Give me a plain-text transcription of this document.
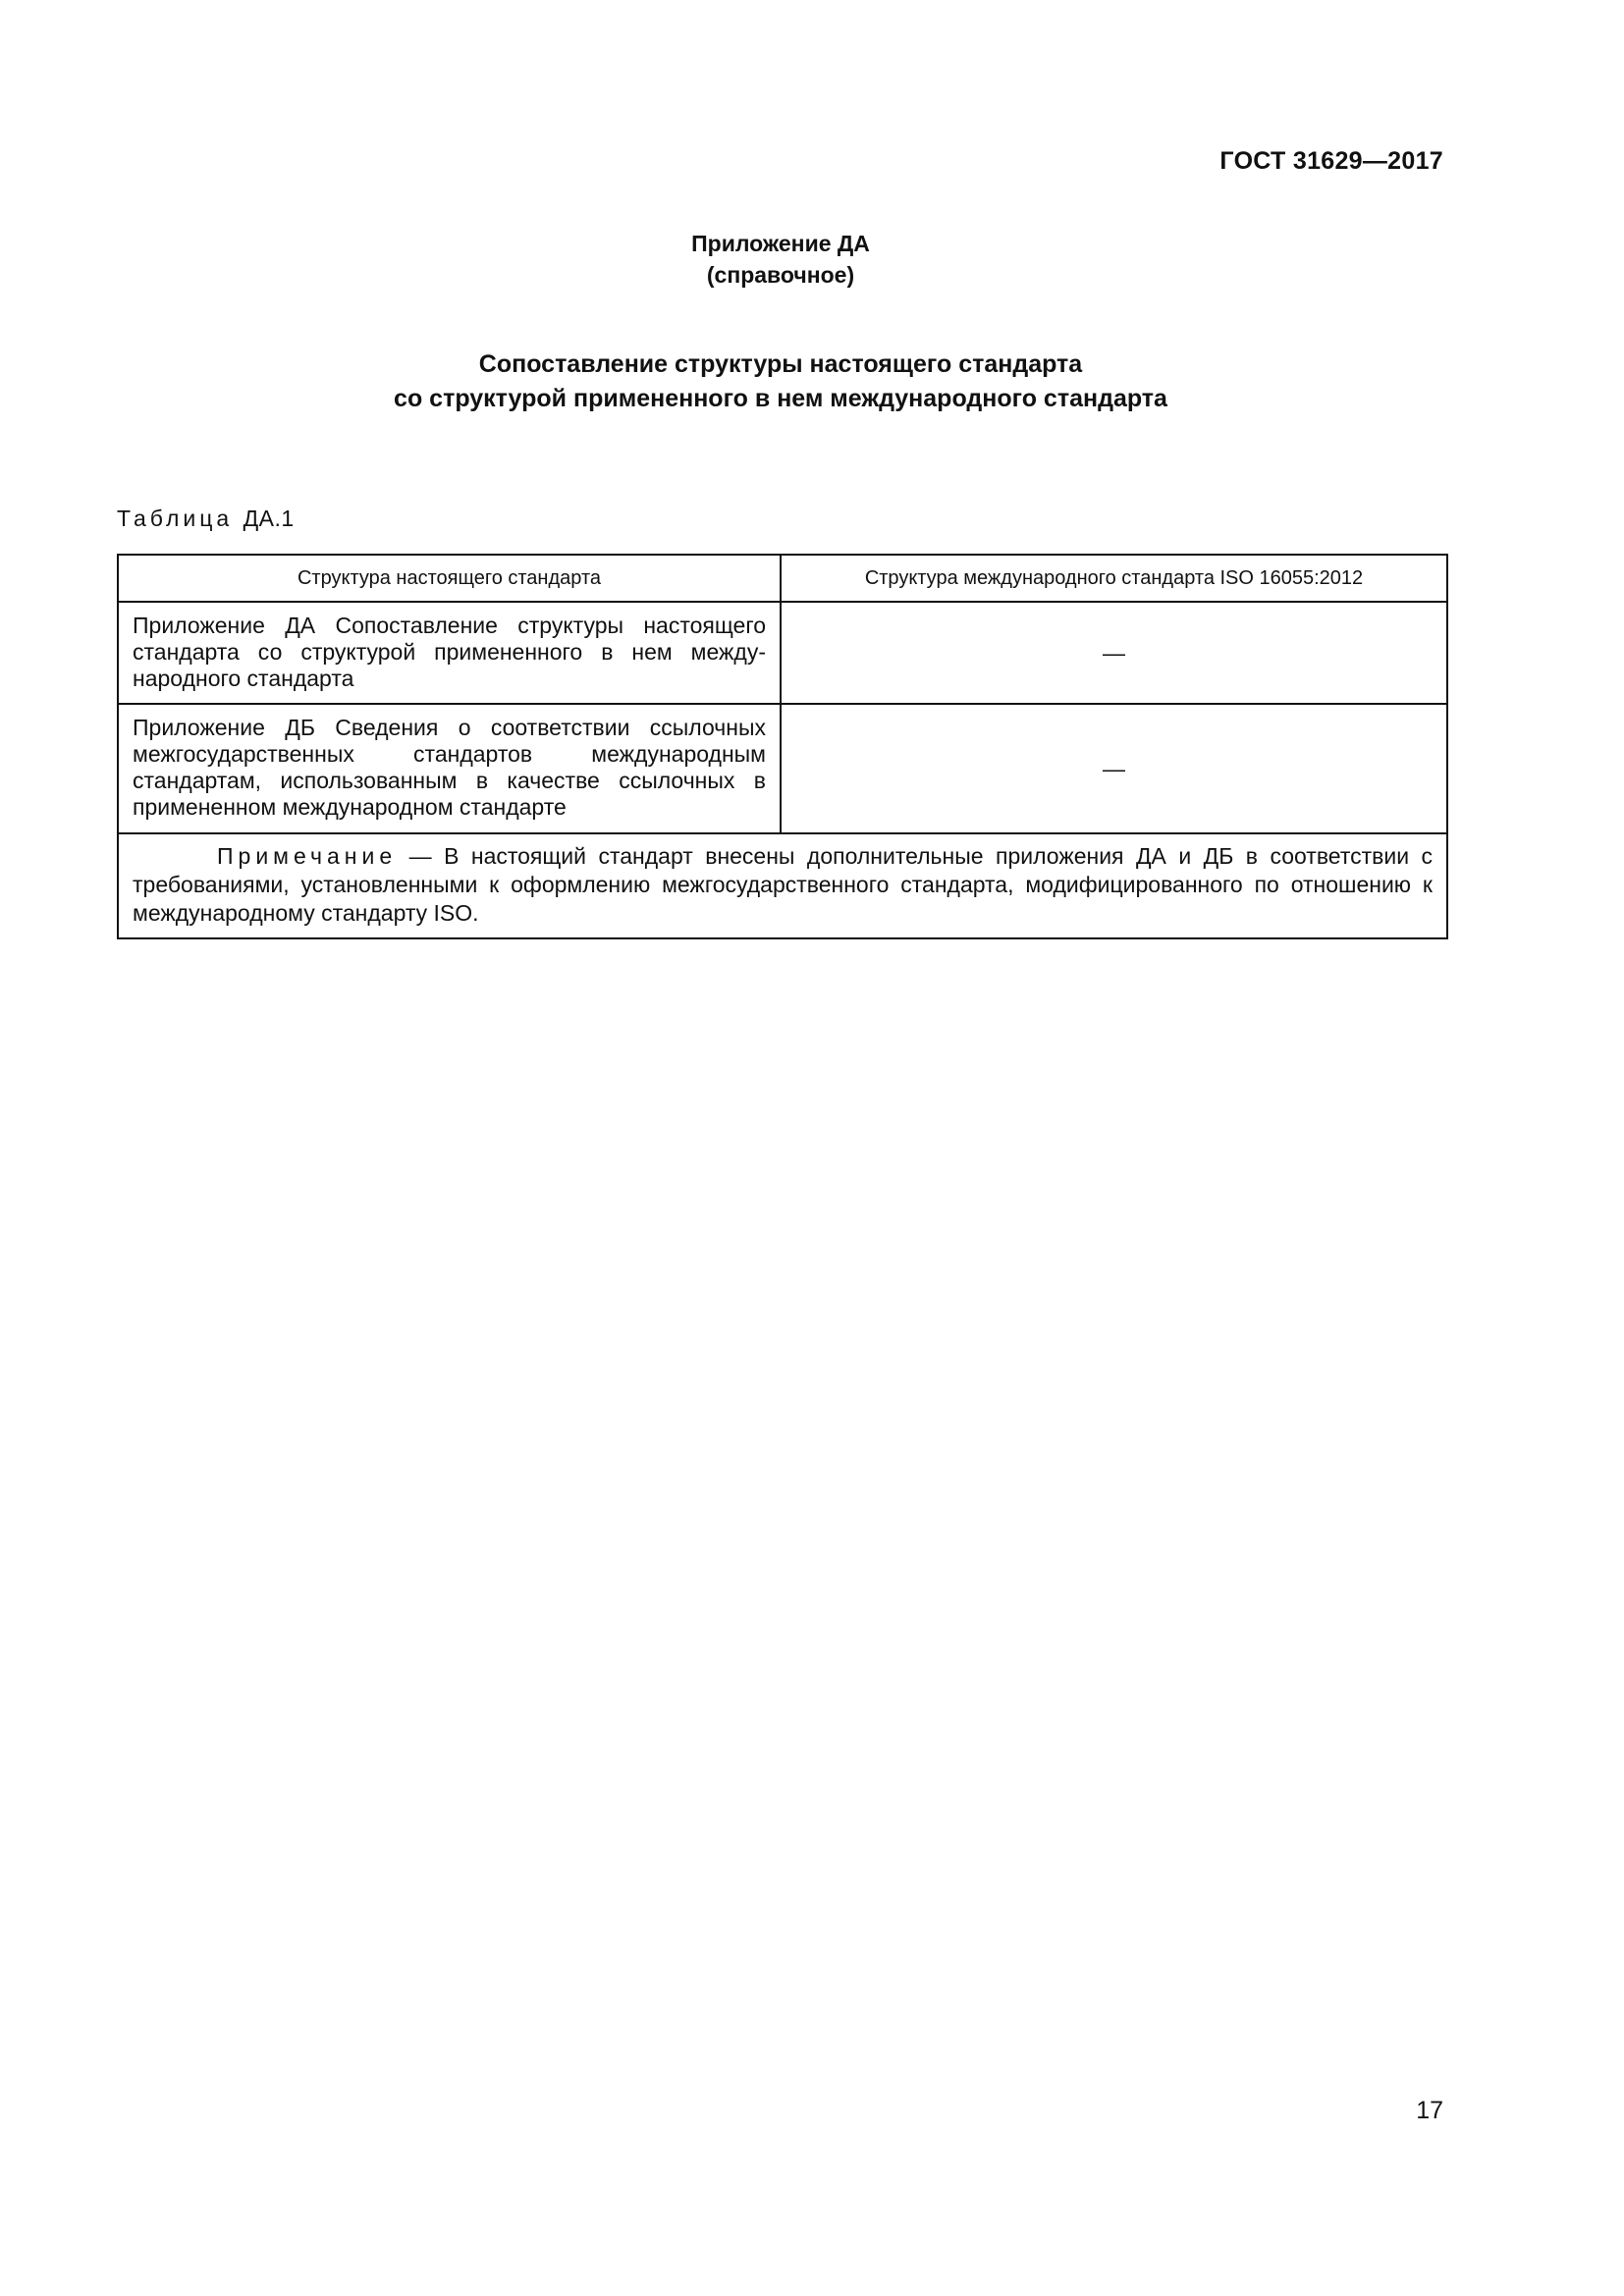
ГОСТ 31629—2017
Приложение ДА
(справочное)
Сопоставление структуры настоящего стандарта
со структурой примененного в нем международного стандарта
Таблица ДА.1
Структура настоящего стандарта	Структура международного стандарта ISO 16055:2012
Приложение ДА Сопоставление структуры настоящего стандарта со структурой примененного в нем международного стандарта	—
Приложение ДБ Сведения о соответствии ссылочных межгосударственных стандартов международным стандартам, использованным в качестве ссылочных в примененном международном стандарте	—
Примечание — В настоящий стандарт внесены дополнительные приложения ДА и ДБ в соответствии с требованиями, установленными к оформлению межгосударственного стандарта, модифицированного по отношению к международному стандарту ISO.	
17
